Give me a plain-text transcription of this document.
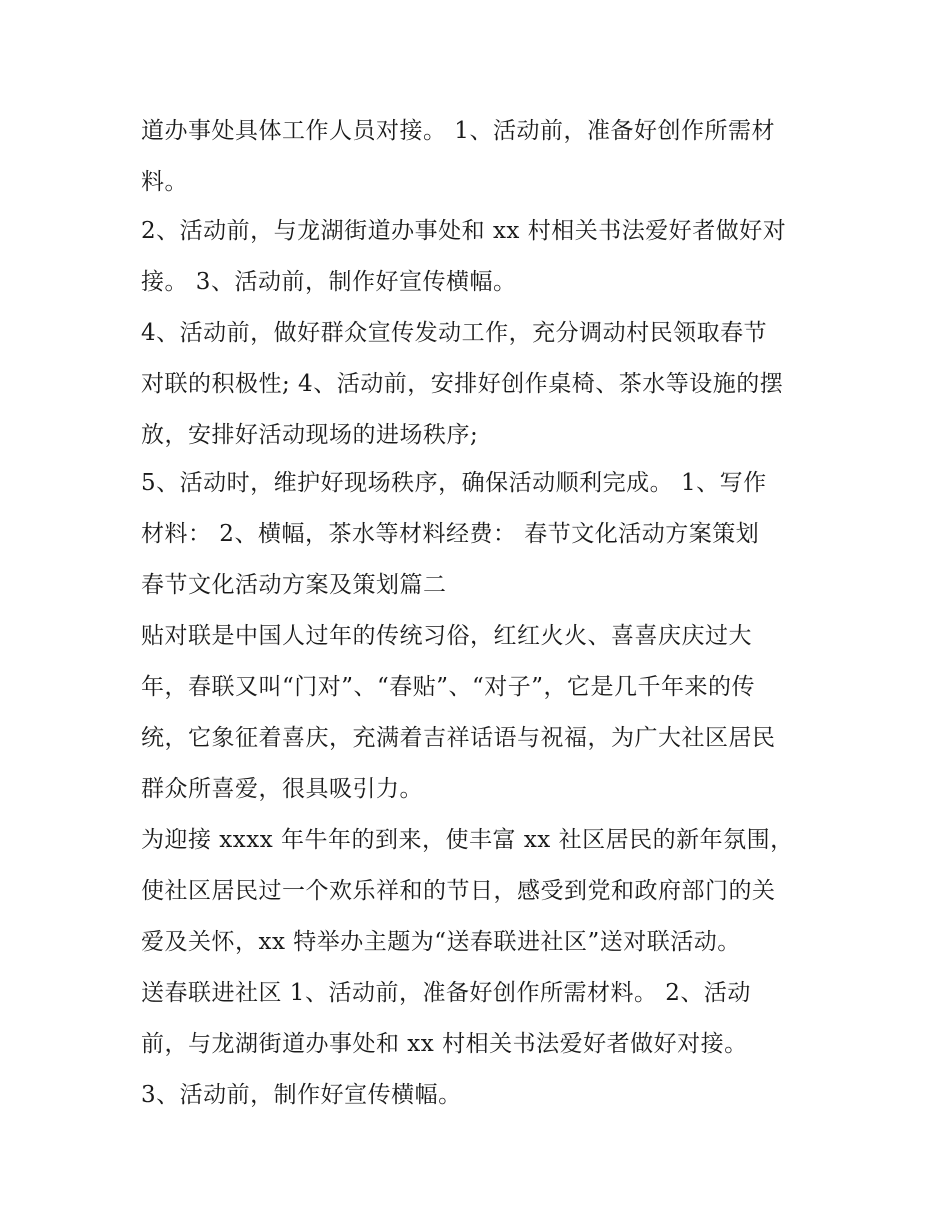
道办事处具体工作人员对接。 1、活动前，准备好创作所需材
料。
2、活动前，与龙湖街道办事处和 xx 村相关书法爱好者做好对
接。 3、活动前，制作好宣传横幅。
4、活动前，做好群众宣传发动工作，充分调动村民领取春节
对联的积极性; 4、活动前，安排好创作桌椅、茶水等设施的摆
放，安排好活动现场的进场秩序;
5、活动时，维护好现场秩序，确保活动顺利完成。 1、写作
材料： 2、横幅，茶水等材料经费： 春节文化活动方案策划
春节文化活动方案及策划篇二
贴对联是中国人过年的传统习俗，红红火火、喜喜庆庆过大
年，春联又叫“门对”、“春贴”、“对子”，它是几千年来的传
统，它象征着喜庆，充满着吉祥话语与祝福，为广大社区居民
群众所喜爱，很具吸引力。
为迎接 xxxx 年牛年的到来，使丰富 xx 社区居民的新年氛围，
使社区居民过一个欢乐祥和的节日，感受到党和政府部门的关
爱及关怀，xx 特举办主题为“送春联进社区”送对联活动。
送春联进社区 1、活动前，准备好创作所需材料。 2、活动
前，与龙湖街道办事处和 xx 村相关书法爱好者做好对接。
3、活动前，制作好宣传横幅。
